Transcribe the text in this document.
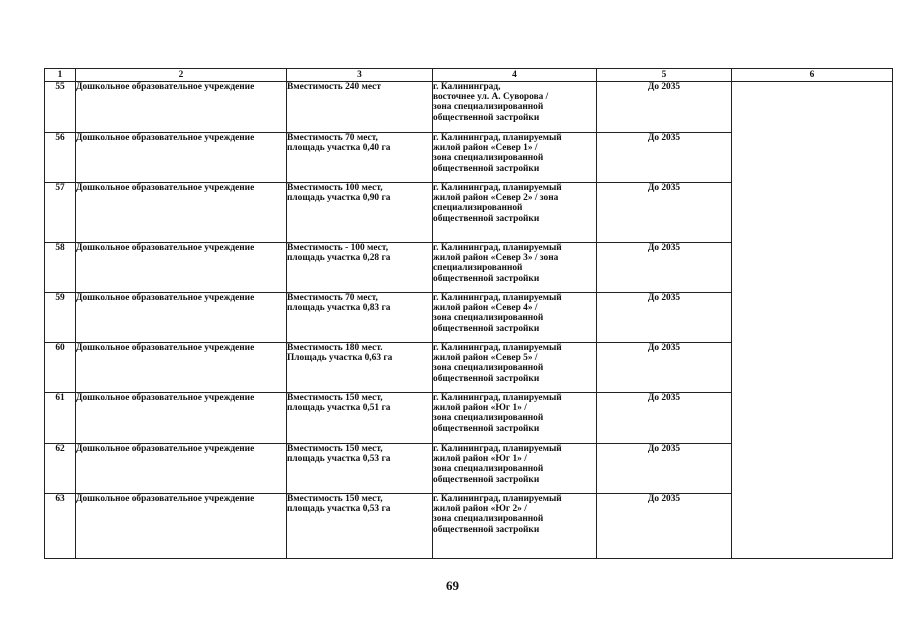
1	2	3	4	5	6
55	Дошкольное образовательное учреждение	Вместимость 240 мест	г. Калининград,
восточнее ул. А. Суворова /
зона специализированной
общественной застройки	До 2035	
56	Дошкольное образовательное учреждение	Вместимость 70 мест,
площадь участка 0,40 га	г. Калининград, планируемый
жилой район «Север 1» /
зона специализированной
общественной застройки	До 2035	
57	Дошкольное образовательное учреждение	Вместимость 100 мест,
площадь участка 0,90 га	г. Калининград, планируемый
жилой район «Север 2» / зона
специализированной
общественной застройки	До 2035	
58	Дошкольное образовательное учреждение	Вместимость - 100 мест,
площадь участка 0,28 га	г. Калининград, планируемый
жилой район «Север 3» / зона
специализированной
общественной застройки	До 2035	
59	Дошкольное образовательное учреждение	Вместимость 70 мест,
площадь участка 0,83 га	г. Калининград, планируемый
жилой район «Север 4» /
зона специализированной
общественной застройки	До 2035	
60	Дошкольное образовательное учреждение	Вместимость 180 мест.
Площадь участка 0,63 га	г. Калининград, планируемый
жилой район «Север 5» /
зона специализированной
общественной застройки	До 2035	
61	Дошкольное образовательное учреждение	Вместимость 150 мест,
площадь участка 0,51 га	г. Калининград, планируемый
жилой район «Юг 1» /
зона специализированной
общественной застройки	До 2035	
62	Дошкольное образовательное учреждение	Вместимость 150 мест,
площадь участка 0,53 га	г. Калининград, планируемый
жилой район «Юг 1» /
зона специализированной
общественной застройки	До 2035	
63	Дошкольное образовательное учреждение	Вместимость 150 мест,
площадь участка 0,53 га	г. Калининград, планируемый
жилой район «Юг 2» /
зона специализированной
общественной застройки	До 2035	
69
